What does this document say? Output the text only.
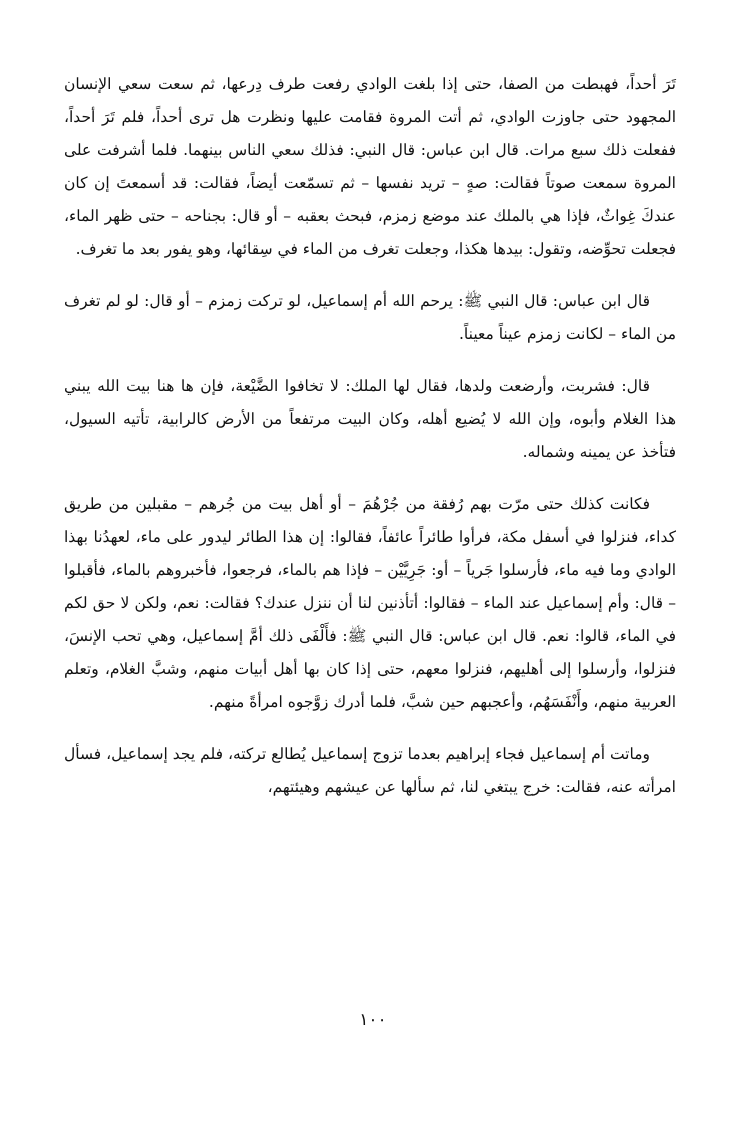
تَرَ أحداً، فهبطت من الصفا، حتى إذا بلغت الوادي رفعت طرف دِرعها، ثم سعت سعي الإنسان المجهود حتى جاوزت الوادي، ثم أتت المروة فقامت عليها ونظرت هل ترى أحداً، فلم تَرَ أحداً، ففعلت ذلك سبع مرات. قال ابن عباس: قال النبي: فذلك سعي الناس بينهما. فلما أشرفت على المروة سمعت صوتاً فقالت: صهٍ – تريد نفسها – ثم تسمّعت أيضاً، فقالت: قد أسمعتَ إن كان عندكَ غِواثٌ، فإذا هي بالملك عند موضع زمزم، فبحث بعقبه – أو قال: بجناحه – حتى ظهر الماء، فجعلت تحوِّضه، وتقول: بيدها هكذا، وجعلت تغرف من الماء في سِقائها، وهو يفور بعد ما تغرف.

قال ابن عباس: قال النبي ﷺ: يرحم الله أم إسماعيل، لو تركت زمزم – أو قال: لو لم تغرف من الماء – لكانت زمزم عيناً معيناً.

قال: فشربت، وأرضعت ولدها، فقال لها الملك: لا تخافوا الضَّيْعة، فإن ها هنا بيت الله يبني هذا الغلام وأبوه، وإن الله لا يُضيع أهله، وكان البيت مرتفعاً من الأرض كالرابية، تأتيه السيول، فتأخذ عن يمينه وشماله.

فكانت كذلك حتى مرّت بهم رُفقة من جُرْهُمَ – أو أهل بيت من جُرهم – مقبلين من طريق كداء، فنزلوا في أسفل مكة، فرأوا طائراً عائفاً، فقالوا: إن هذا الطائر ليدور على ماء، لعهدُنا بهذا الوادي وما فيه ماء، فأرسلوا جَرياً – أو: جَرِيَّيْن – فإذا هم بالماء، فرجعوا، فأخبروهم بالماء، فأقبلوا – قال: وأم إسماعيل عند الماء – فقالوا: أتأذنين لنا أن ننزل عندك؟ فقالت: نعم، ولكن لا حق لكم في الماء، قالوا: نعم. قال ابن عباس: قال النبي ﷺ: فأَلْفَى ذلك أمَّ إسماعيل، وهي تحب الإنسَ، فنزلوا، وأرسلوا إلى أهليهم، فنزلوا معهم، حتى إذا كان بها أهل أبيات منهم، وشبَّ الغلام، وتعلم العربية منهم، وأَنْفَسَهُم، وأعجبهم حين شبَّ، فلما أدرك زوَّجوه امرأةً منهم.

وماتت أم إسماعيل فجاء إبراهيم بعدما تزوج إسماعيل يُطالع تركته، فلم يجد إسماعيل، فسأل امرأته عنه، فقالت: خرج يبتغي لنا، ثم سألها عن عيشهم وهيئتهم،

١٠٠
